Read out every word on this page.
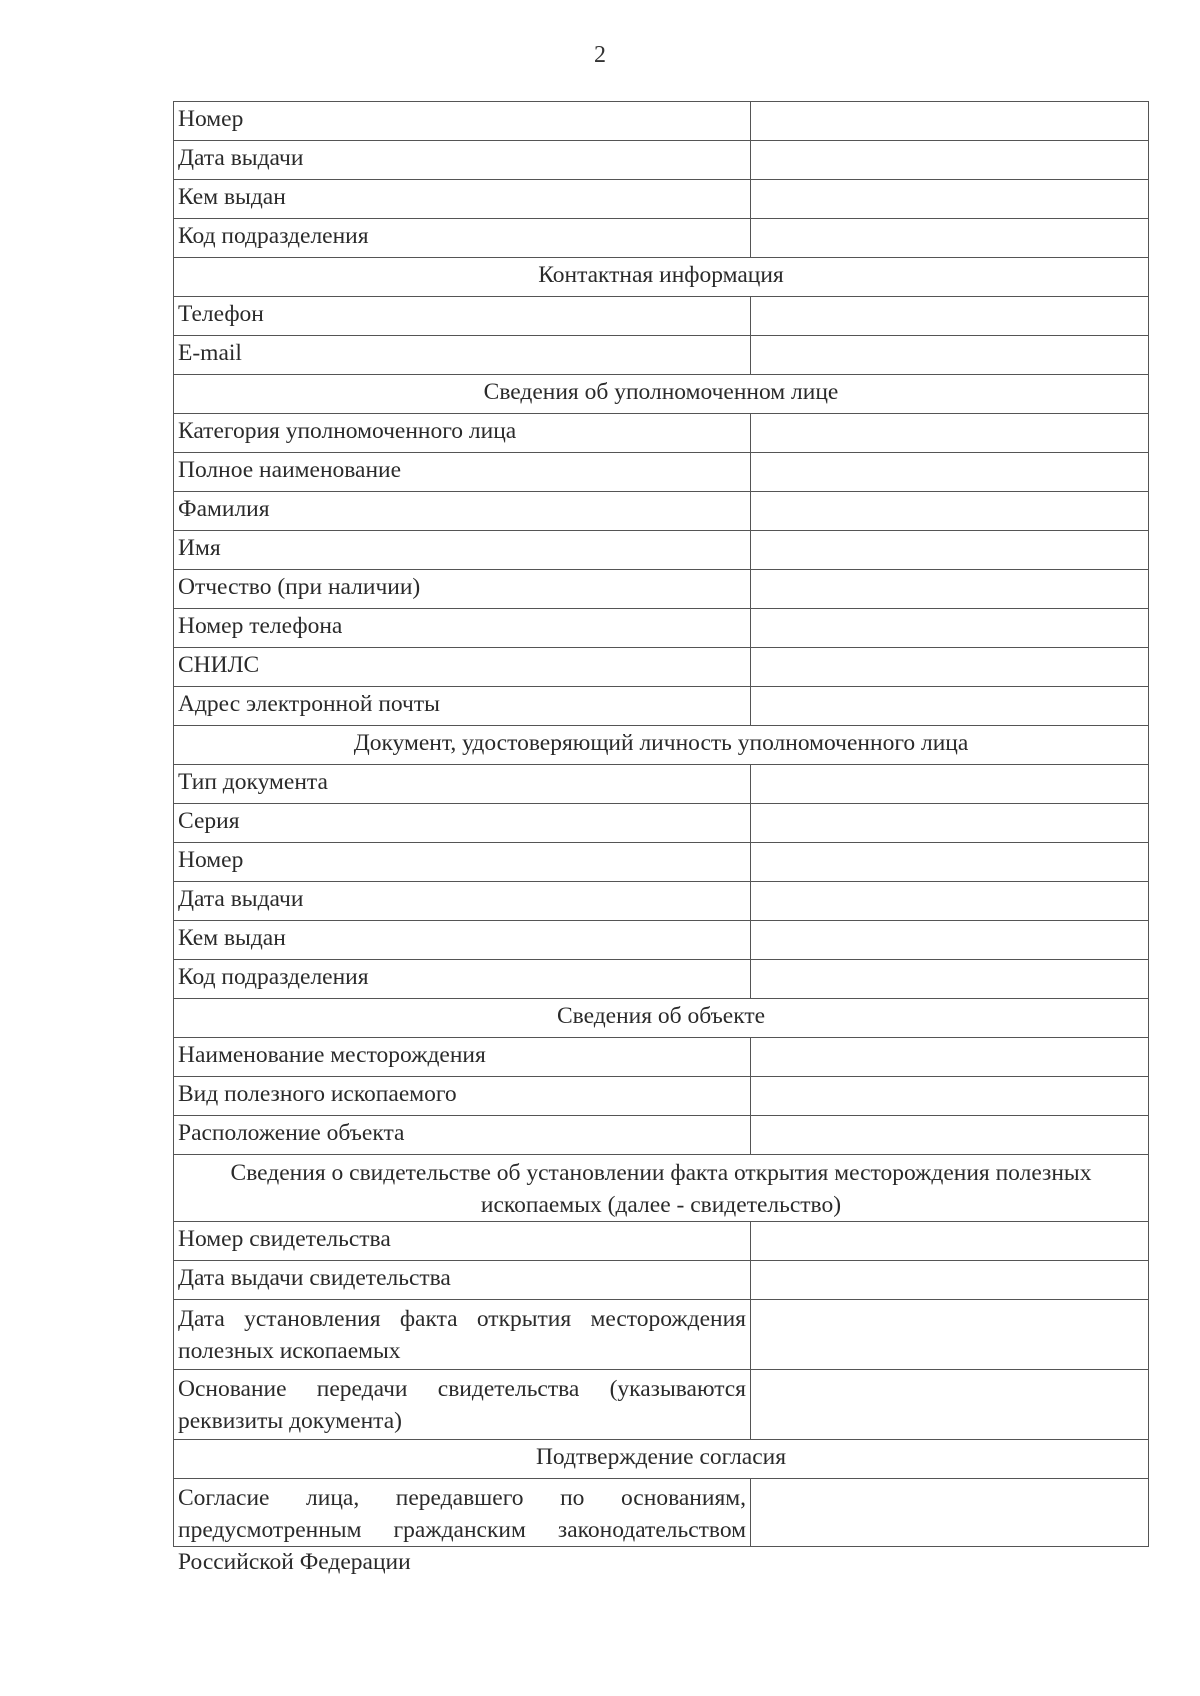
2
Номер	
Дата выдачи	
Кем выдан	
Код подразделения	
Контактная информация	
Телефон	
E-mail	
Сведения об уполномоченном лице	
Категория уполномоченного лица	
Полное наименование	
Фамилия	
Имя	
Отчество (при наличии)	
Номер телефона	
СНИЛС	
Адрес электронной почты	
Документ, удостоверяющий личность уполномоченного лица	
Тип документа	
Серия	
Номер	
Дата выдачи	
Кем выдан	
Код подразделения	
Сведения об объекте	
Наименование месторождения	
Вид полезного ископаемого	
Расположение объекта	
Сведения о свидетельстве об установлении факта открытия месторождения полезных ископаемых (далее - свидетельство)	
Номер свидетельства	
Дата выдачи свидетельства	
Дата установления факта открытия месторождения полезных ископаемых	
Основание передачи свидетельства (указываются реквизиты документа)	
Подтверждение согласия	

Согласие лица, передавшего по основаниям, предусмотренным гражданским законодательством Российской Федерации	
